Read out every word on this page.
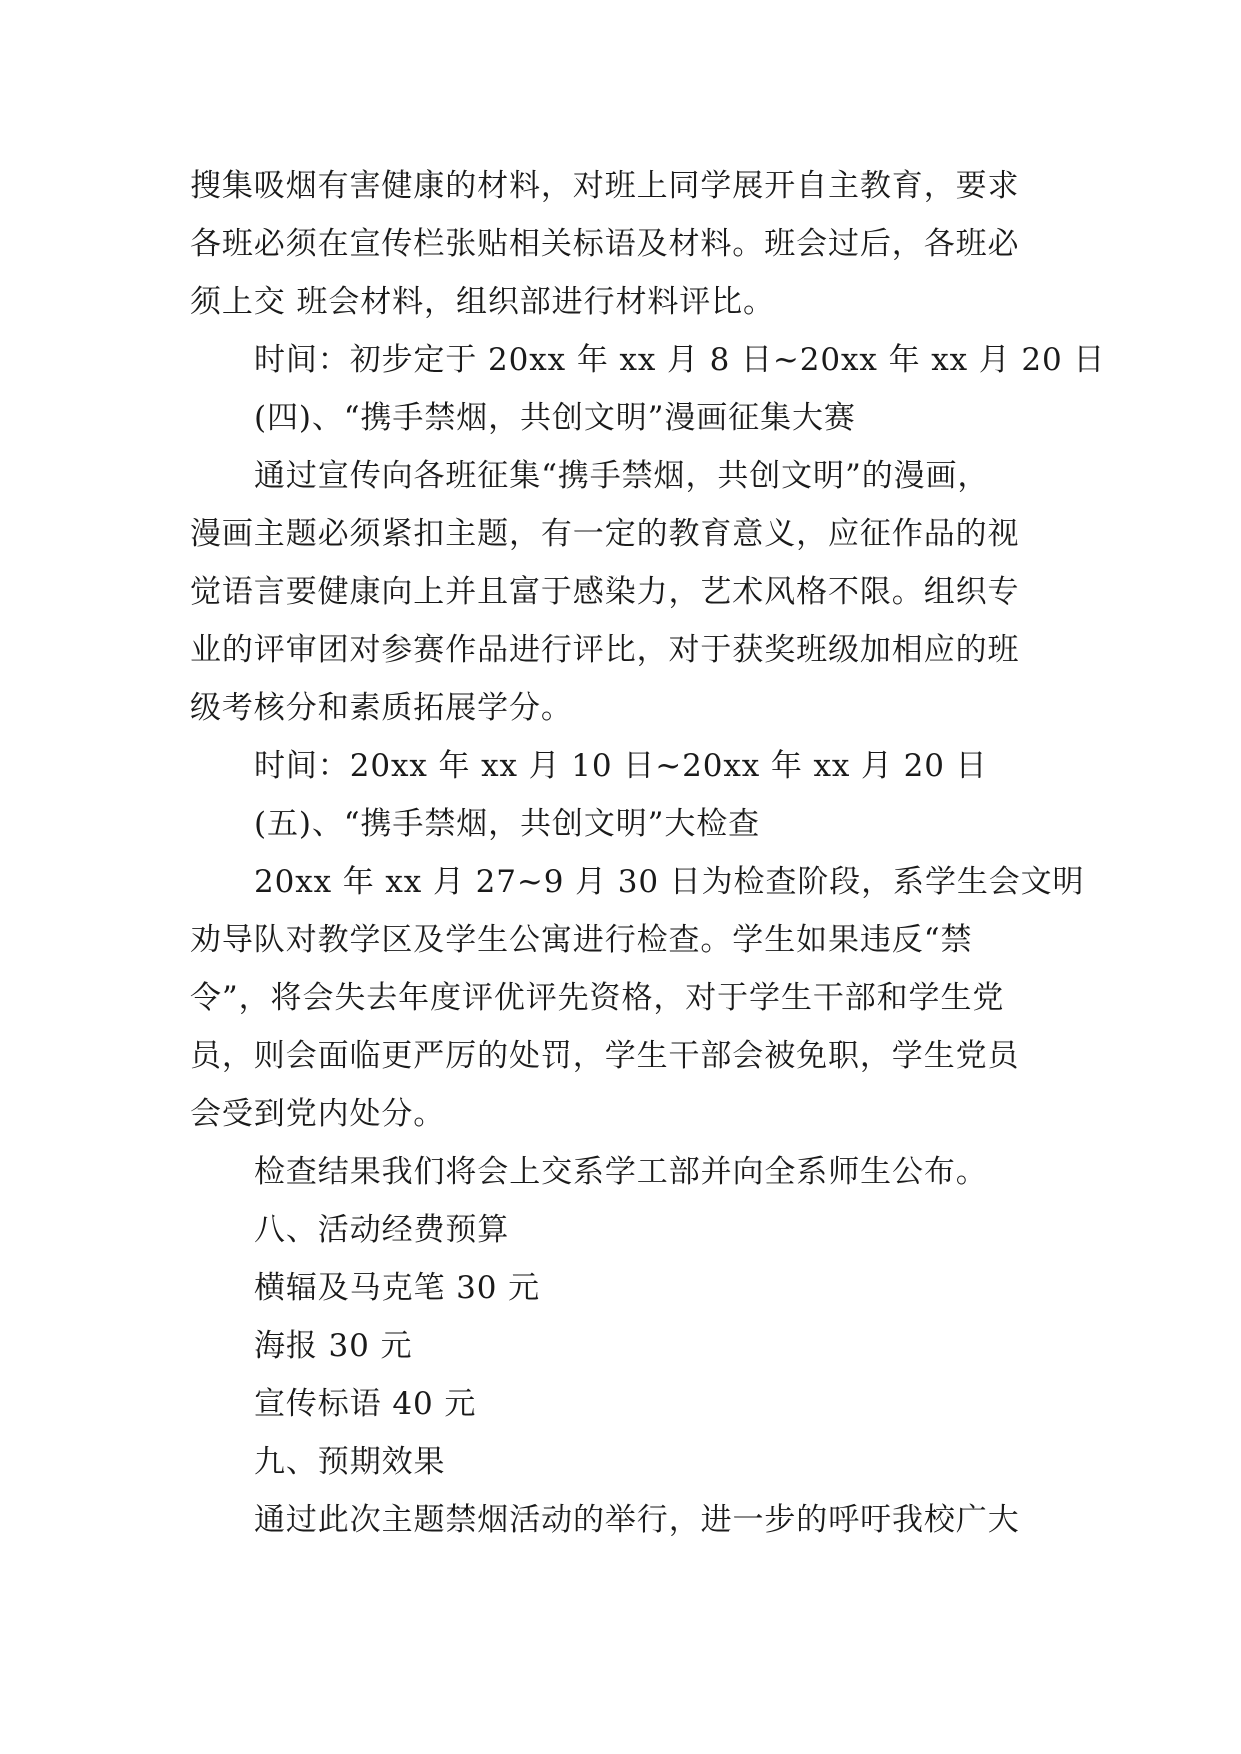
搜集吸烟有害健康的材料，对班上同学展开自主教育，要求
各班必须在宣传栏张贴相关标语及材料。班会过后，各班必
须上交 班会材料，组织部进行材料评比。
时间：初步定于 20xx 年 xx 月 8 日~20xx 年 xx 月 20 日
(四)、“携手禁烟，共创文明”漫画征集大赛
通过宣传向各班征集“携手禁烟，共创文明”的漫画，
漫画主题必须紧扣主题，有一定的教育意义，应征作品的视
觉语言要健康向上并且富于感染力，艺术风格不限。组织专
业的评审团对参赛作品进行评比，对于获奖班级加相应的班
级考核分和素质拓展学分。
时间：20xx 年 xx 月 10 日~20xx 年 xx 月 20 日
(五)、“携手禁烟，共创文明”大检查
20xx 年 xx 月 27~9 月 30 日为检查阶段，系学生会文明
劝导队对教学区及学生公寓进行检查。学生如果违反“禁
令”，将会失去年度评优评先资格，对于学生干部和学生党
员，则会面临更严厉的处罚，学生干部会被免职，学生党员
会受到党内处分。
检查结果我们将会上交系学工部并向全系师生公布。
八、活动经费预算
横辐及马克笔 30 元
海报 30 元
宣传标语 40 元
九、预期效果
通过此次主题禁烟活动的举行，进一步的呼吁我校广大
